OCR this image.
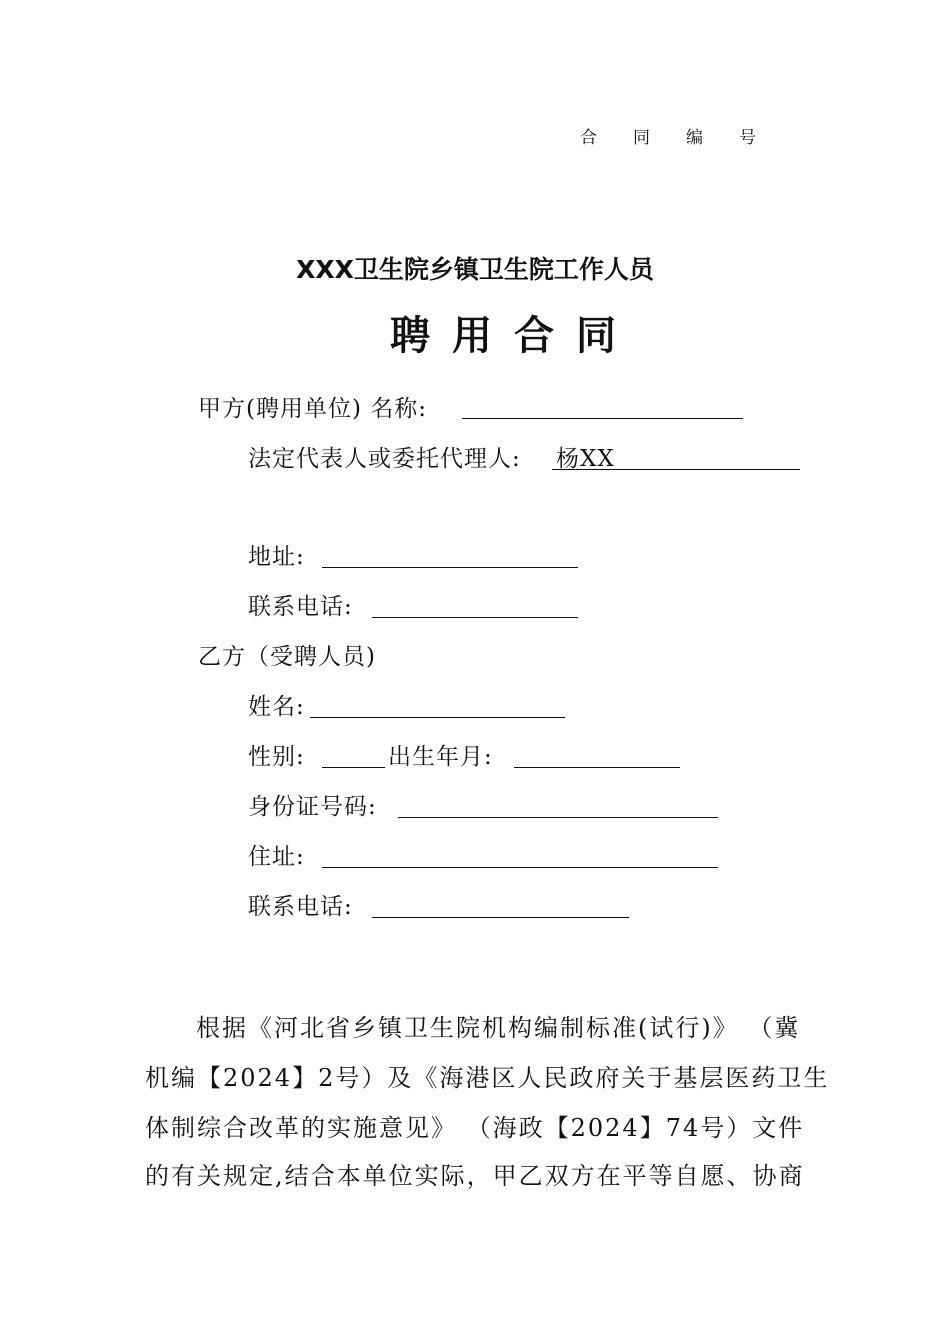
合同编号
XXX卫生院乡镇卫生院工作人员
聘用合同
甲方(聘用单位) 名称:
法定代表人或委托代理人: 杨XX
地址:
联系电话:
乙方（受聘人员)
姓名:
性别:	出生年月:
身份证号码:
住址:
联系电话:
根据《河北省乡镇卫生院机构编制标准(试行)》 （冀
机编【2024】2号）及《海港区人民政府关于基层医药卫生
体制综合改革的实施意见》 （海政【2024】74号）文件
的有关规定,结合本单位实际，甲乙双方在平等自愿、协商
